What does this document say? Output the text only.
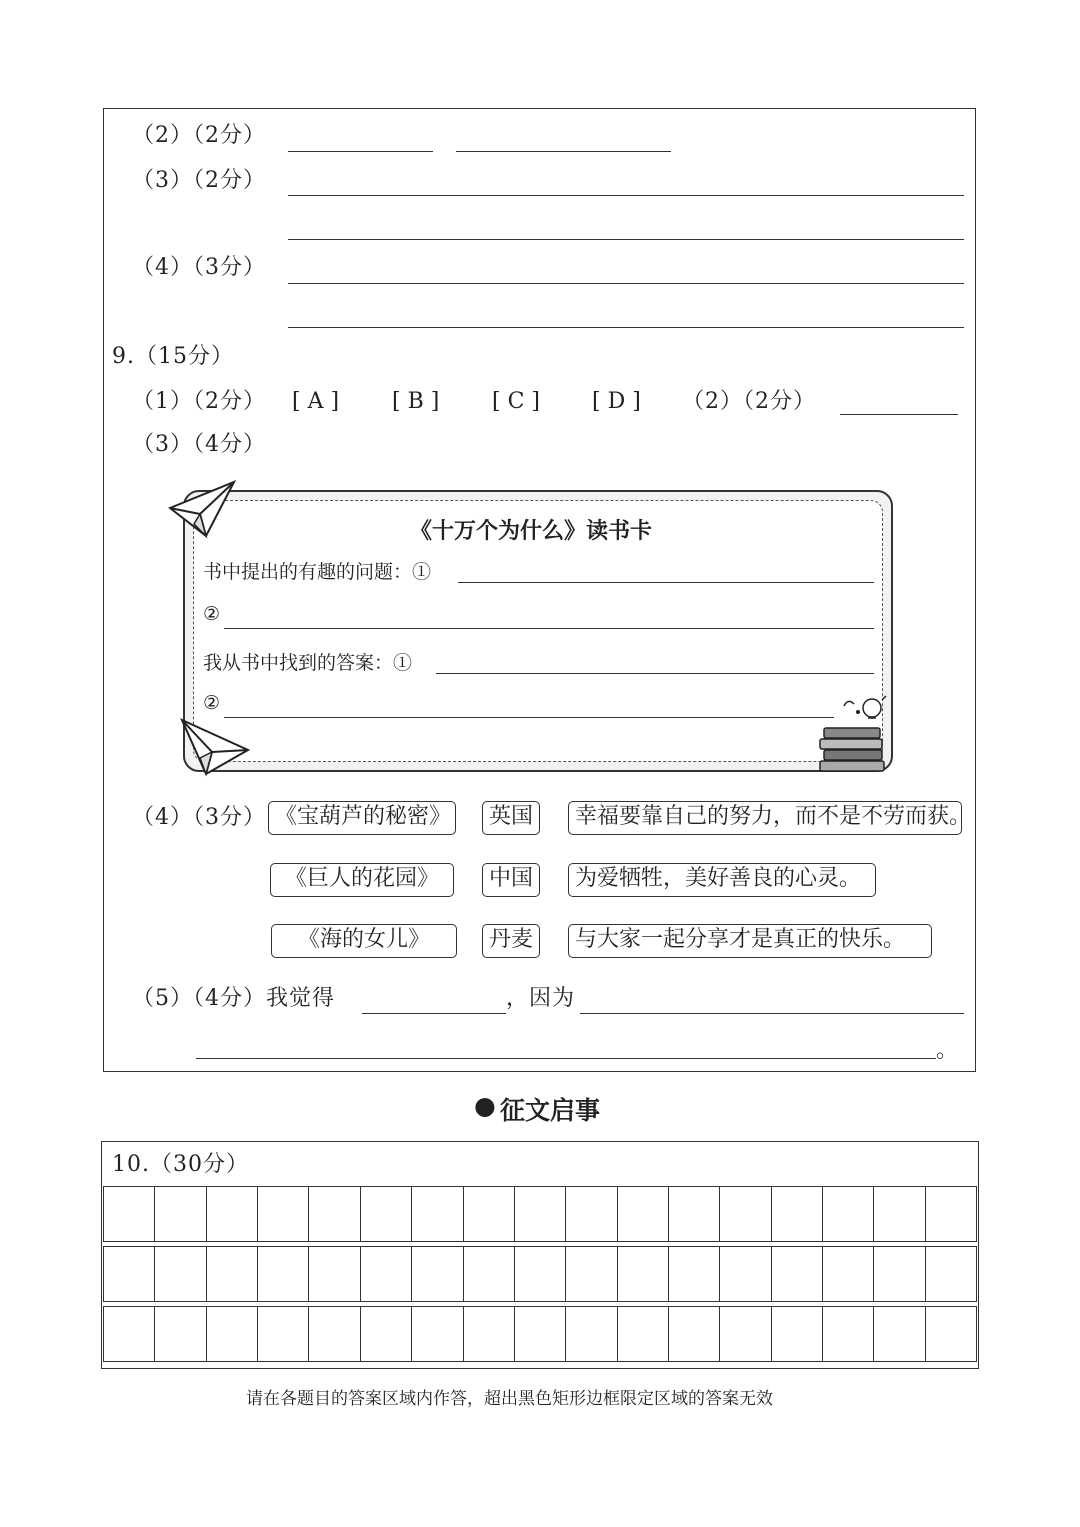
（2）（2分）
（3）（2分）
（4）（3分）
9.（15分）
（1）（2分） [ A ] [ B ] [ C ] [ D ] （2）（2分）
（3）（4分）
《十万个为什么》读书卡
书中提出的有趣的问题：①
②
我从书中找到的答案：①
②
（4）（3分） 《宝葫芦的秘密》
《巨人的花园》
《海的女儿》
英国
中国
丹麦
幸福要靠自己的努力，而不是不劳而获。
为爱牺牲，美好善良的心灵。
与大家一起分享才是真正的快乐。
（5）（4分）我觉得	，因为
。
● 征文启事
10.（30分）
请在各题目的答案区域内作答，超出黑色矩形边框限定区域的答案无效
